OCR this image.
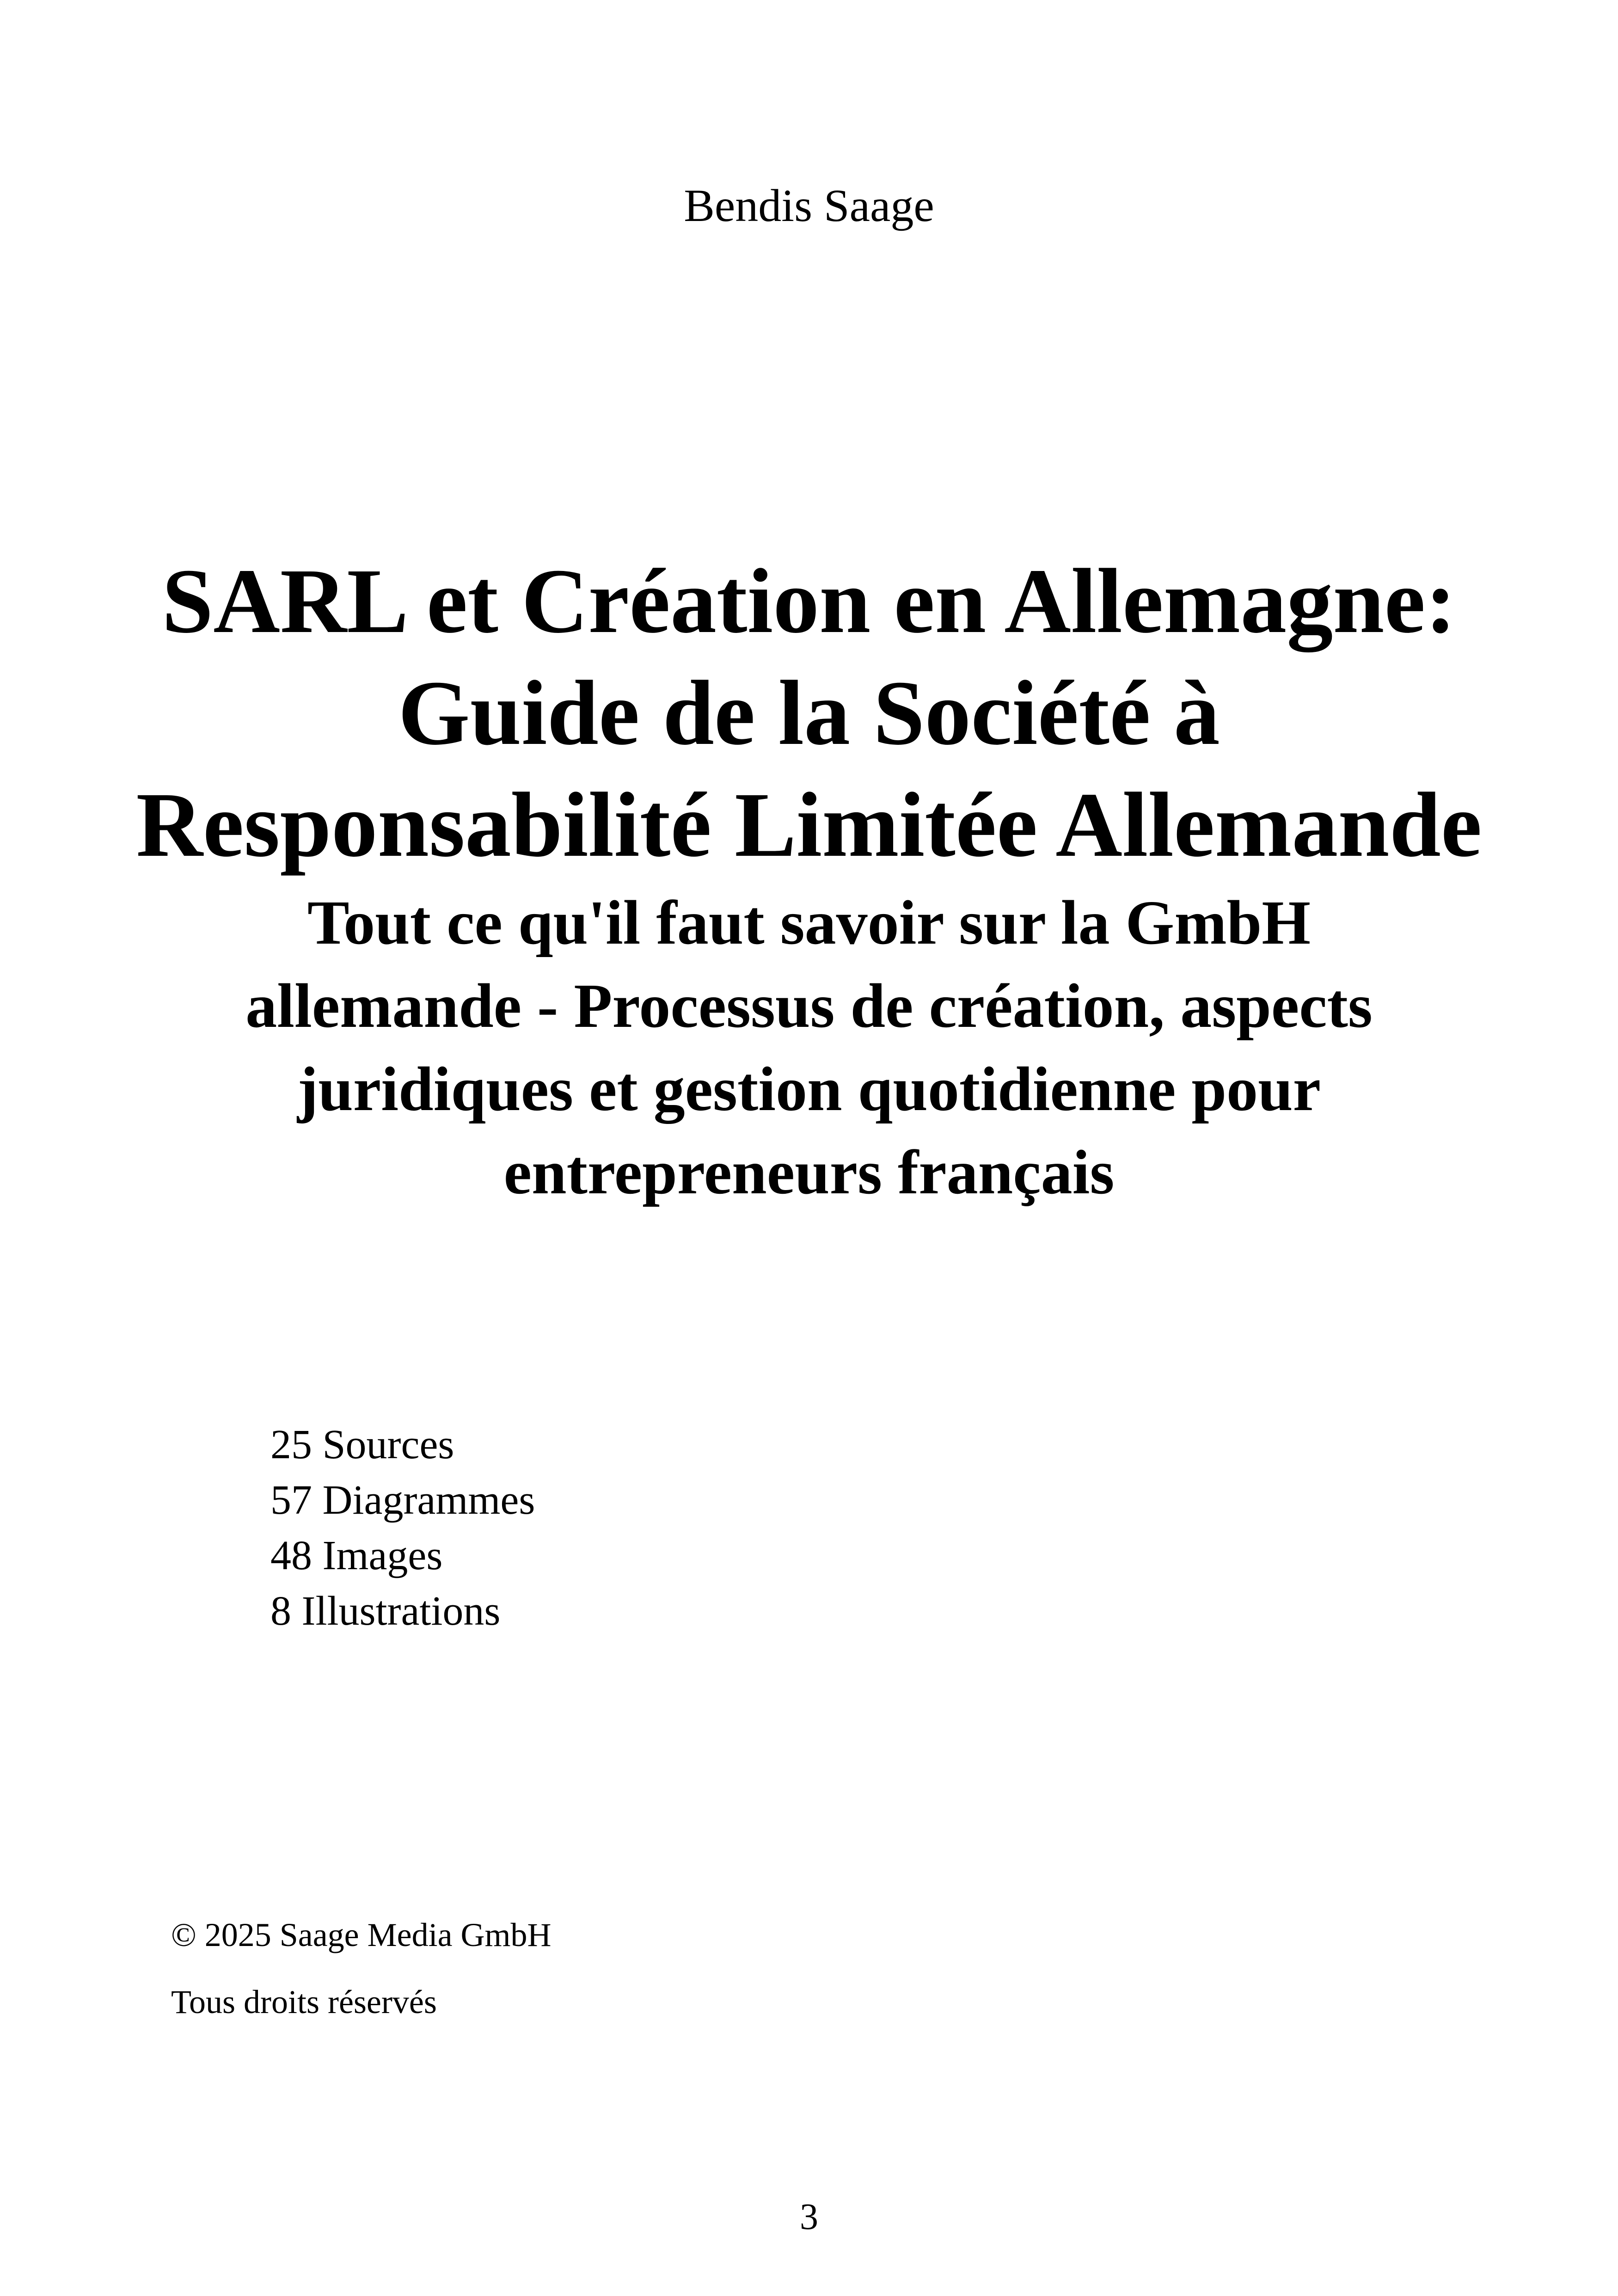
Bendis Saage
SARL et Création en Allemagne:
Guide de la Société à
Responsabilité Limitée Allemande
Tout ce qu'il faut savoir sur la GmbH
allemande - Processus de création, aspects
juridiques et gestion quotidienne pour
entrepreneurs français
25 Sources
57 Diagrammes
48 Images
8 Illustrations
© 2025 Saage Media GmbH
Tous droits réservés
3
